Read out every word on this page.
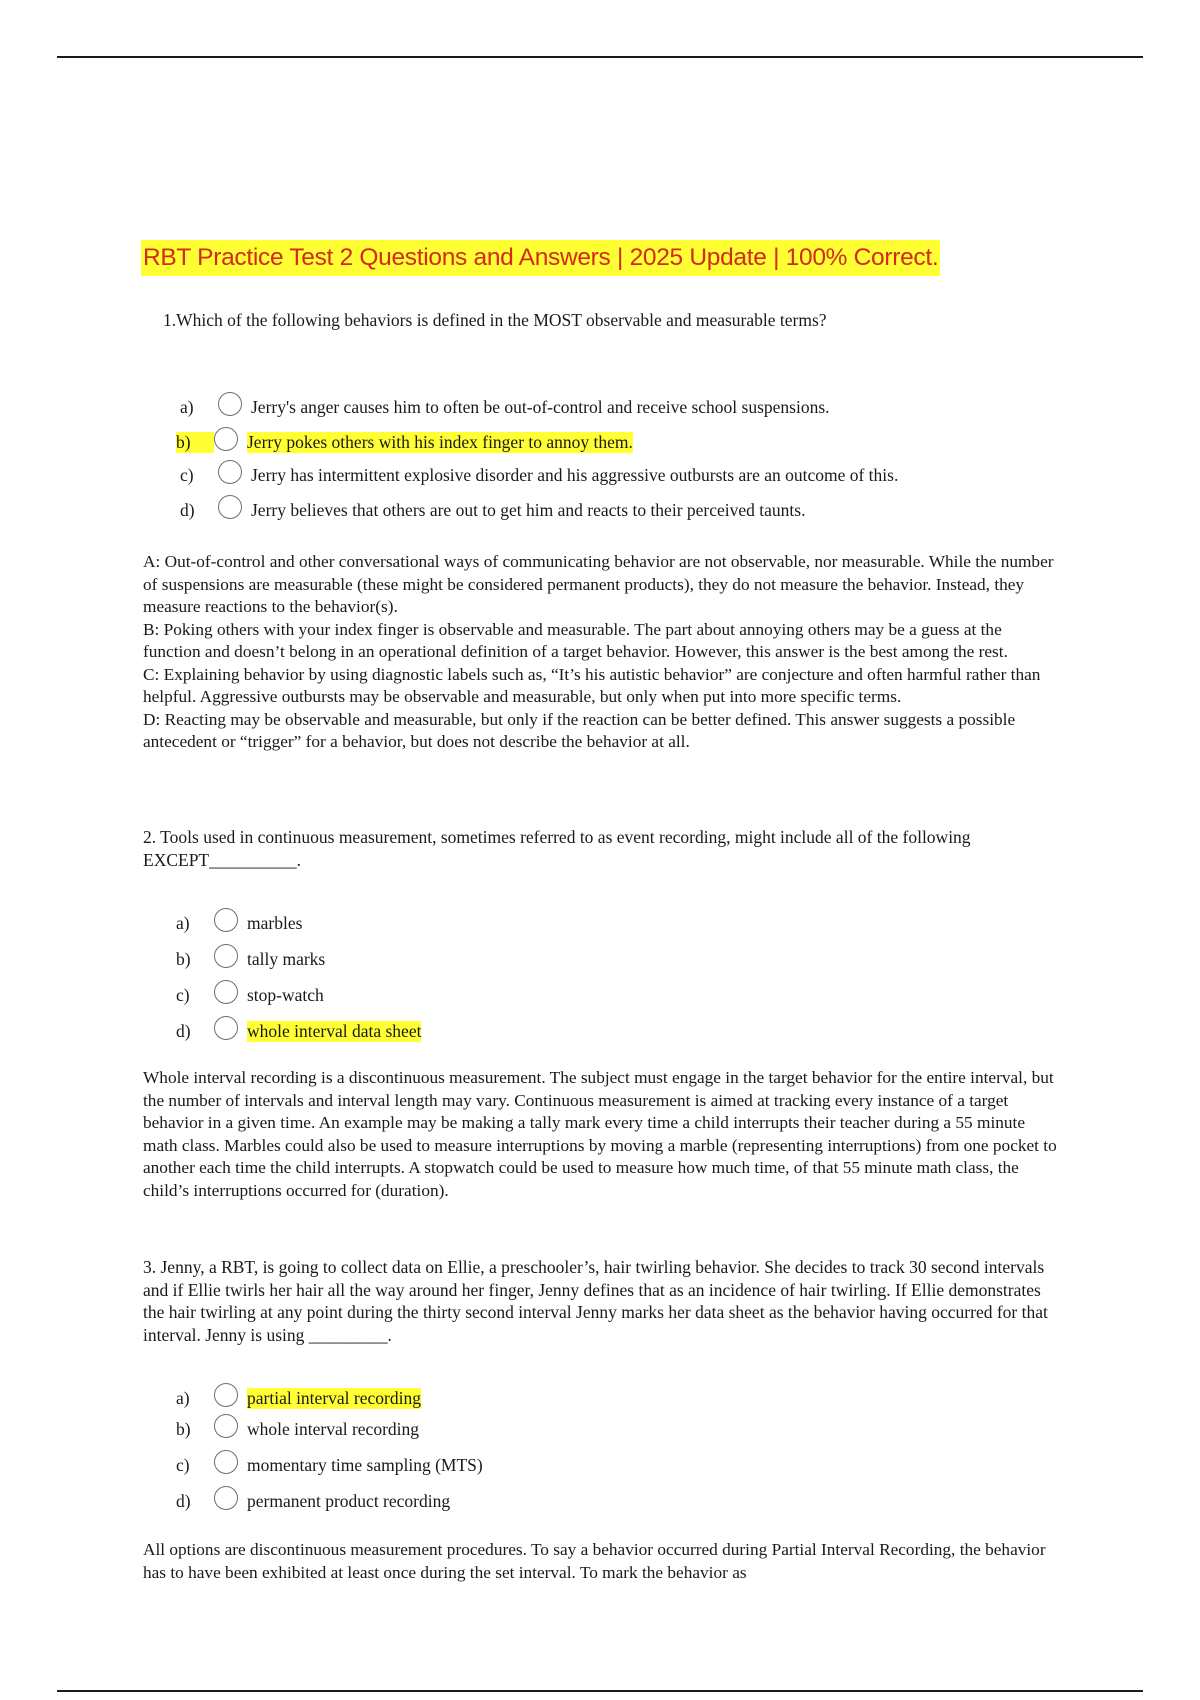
RBT Practice Test 2 Questions and Answers | 2025 Update | 100% Correct.

1.Which of the following behaviors is defined in the MOST observable and measurable terms?

a)	Jerry's anger causes him to often be out-of-control and receive school suspensions.
b)	Jerry pokes others with his index finger to annoy them.
c)	Jerry has intermittent explosive disorder and his aggressive outbursts are an outcome of this.
d)	Jerry believes that others are out to get him and reacts to their perceived taunts.

A: Out-of-control and other conversational ways of communicating behavior are not observable, nor measurable. While the number of suspensions are measurable (these might be considered permanent products), they do not measure the behavior. Instead, they measure reactions to the behavior(s).

B: Poking others with your index finger is observable and measurable. The part about annoying others may be a guess at the function and doesn’t belong in an operational definition of a target behavior. However, this answer is the best among the rest.

C: Explaining behavior by using diagnostic labels such as, “It’s his autistic behavior” are conjecture and often harmful rather than helpful. Aggressive outbursts may be observable and measurable, but only when put into more specific terms.

D: Reacting may be observable and measurable, but only if the reaction can be better defined. This answer suggests a possible antecedent or “trigger” for a behavior, but does not describe the behavior at all.

2. Tools used in continuous measurement, sometimes referred to as event recording, might include all of the following EXCEPT__________.

a)	marbles
b)	tally marks
c)	stop-watch
d)	whole interval data sheet

Whole interval recording is a discontinuous measurement. The subject must engage in the target behavior for the entire interval, but the number of intervals and interval length may vary. Continuous measurement is aimed at tracking every instance of a target behavior in a given time. An example may be making a tally mark every time a child interrupts their teacher during a 55 minute math class. Marbles could also be used to measure interruptions by moving a marble (representing interruptions) from one pocket to another each time the child interrupts. A stopwatch could be used to measure how much time, of that 55 minute math class, the child’s interruptions occurred for (duration).

3. Jenny, a RBT, is going to collect data on Ellie, a preschooler’s, hair twirling behavior. She decides to track 30 second intervals and if Ellie twirls her hair all the way around her finger, Jenny defines that as an incidence of hair twirling. If Ellie demonstrates the hair twirling at any point during the thirty second interval Jenny marks her data sheet as the behavior having occurred for that interval. Jenny is using _________.

a)	partial interval recording
b)	whole interval recording
c)	momentary time sampling (MTS)
d)	permanent product recording

All options are discontinuous measurement procedures. To say a behavior occurred during Partial Interval Recording, the behavior has to have been exhibited at least once during the set interval. To mark the behavior as
